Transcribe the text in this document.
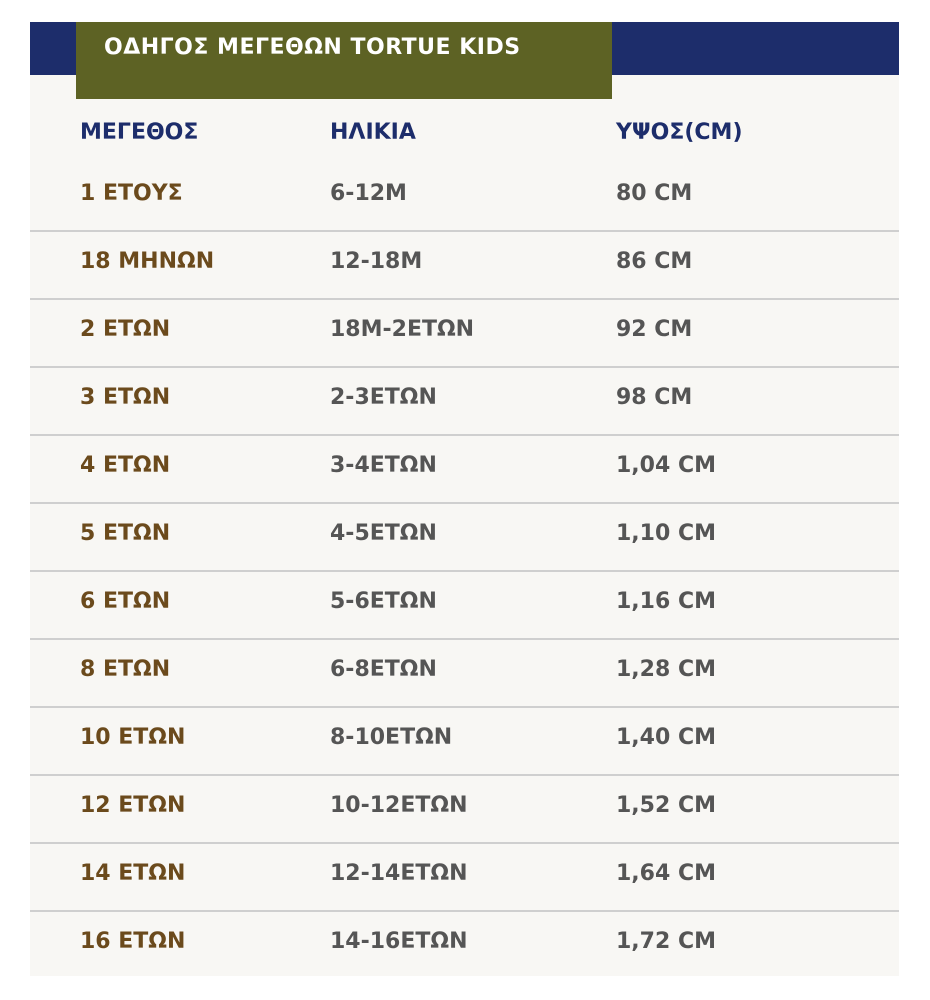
ΟΔΗΓΟΣ ΜΕΓΕΘΩΝ TORTUE KIDS
ΜΕΓΕΘΟΣ	ΗΛΙΚΙΑ	ΥΨΟΣ(CM)
1 ΕΤΟΥΣ	6-12M	80 CM
18 ΜΗΝΩΝ	12-18M	86 CM
2 ΕΤΩΝ	18M-2ΕΤΩΝ	92 CM
3 ΕΤΩΝ	2-3ΕΤΩΝ	98 CM
4 ΕΤΩΝ	3-4ΕΤΩΝ	1,04 CM
5 ΕΤΩΝ	4-5ΕΤΩΝ	1,10 CM
6 ΕΤΩΝ	5-6ΕΤΩΝ	1,16 CM
8 ΕΤΩΝ	6-8ΕΤΩΝ	1,28 CM
10 ΕΤΩΝ	8-10ΕΤΩΝ	1,40 CM
12 ΕΤΩΝ	10-12ΕΤΩΝ	1,52 CM
14 ΕΤΩΝ	12-14ΕΤΩΝ	1,64 CM
16 ΕΤΩΝ	14-16ΕΤΩΝ	1,72 CM
